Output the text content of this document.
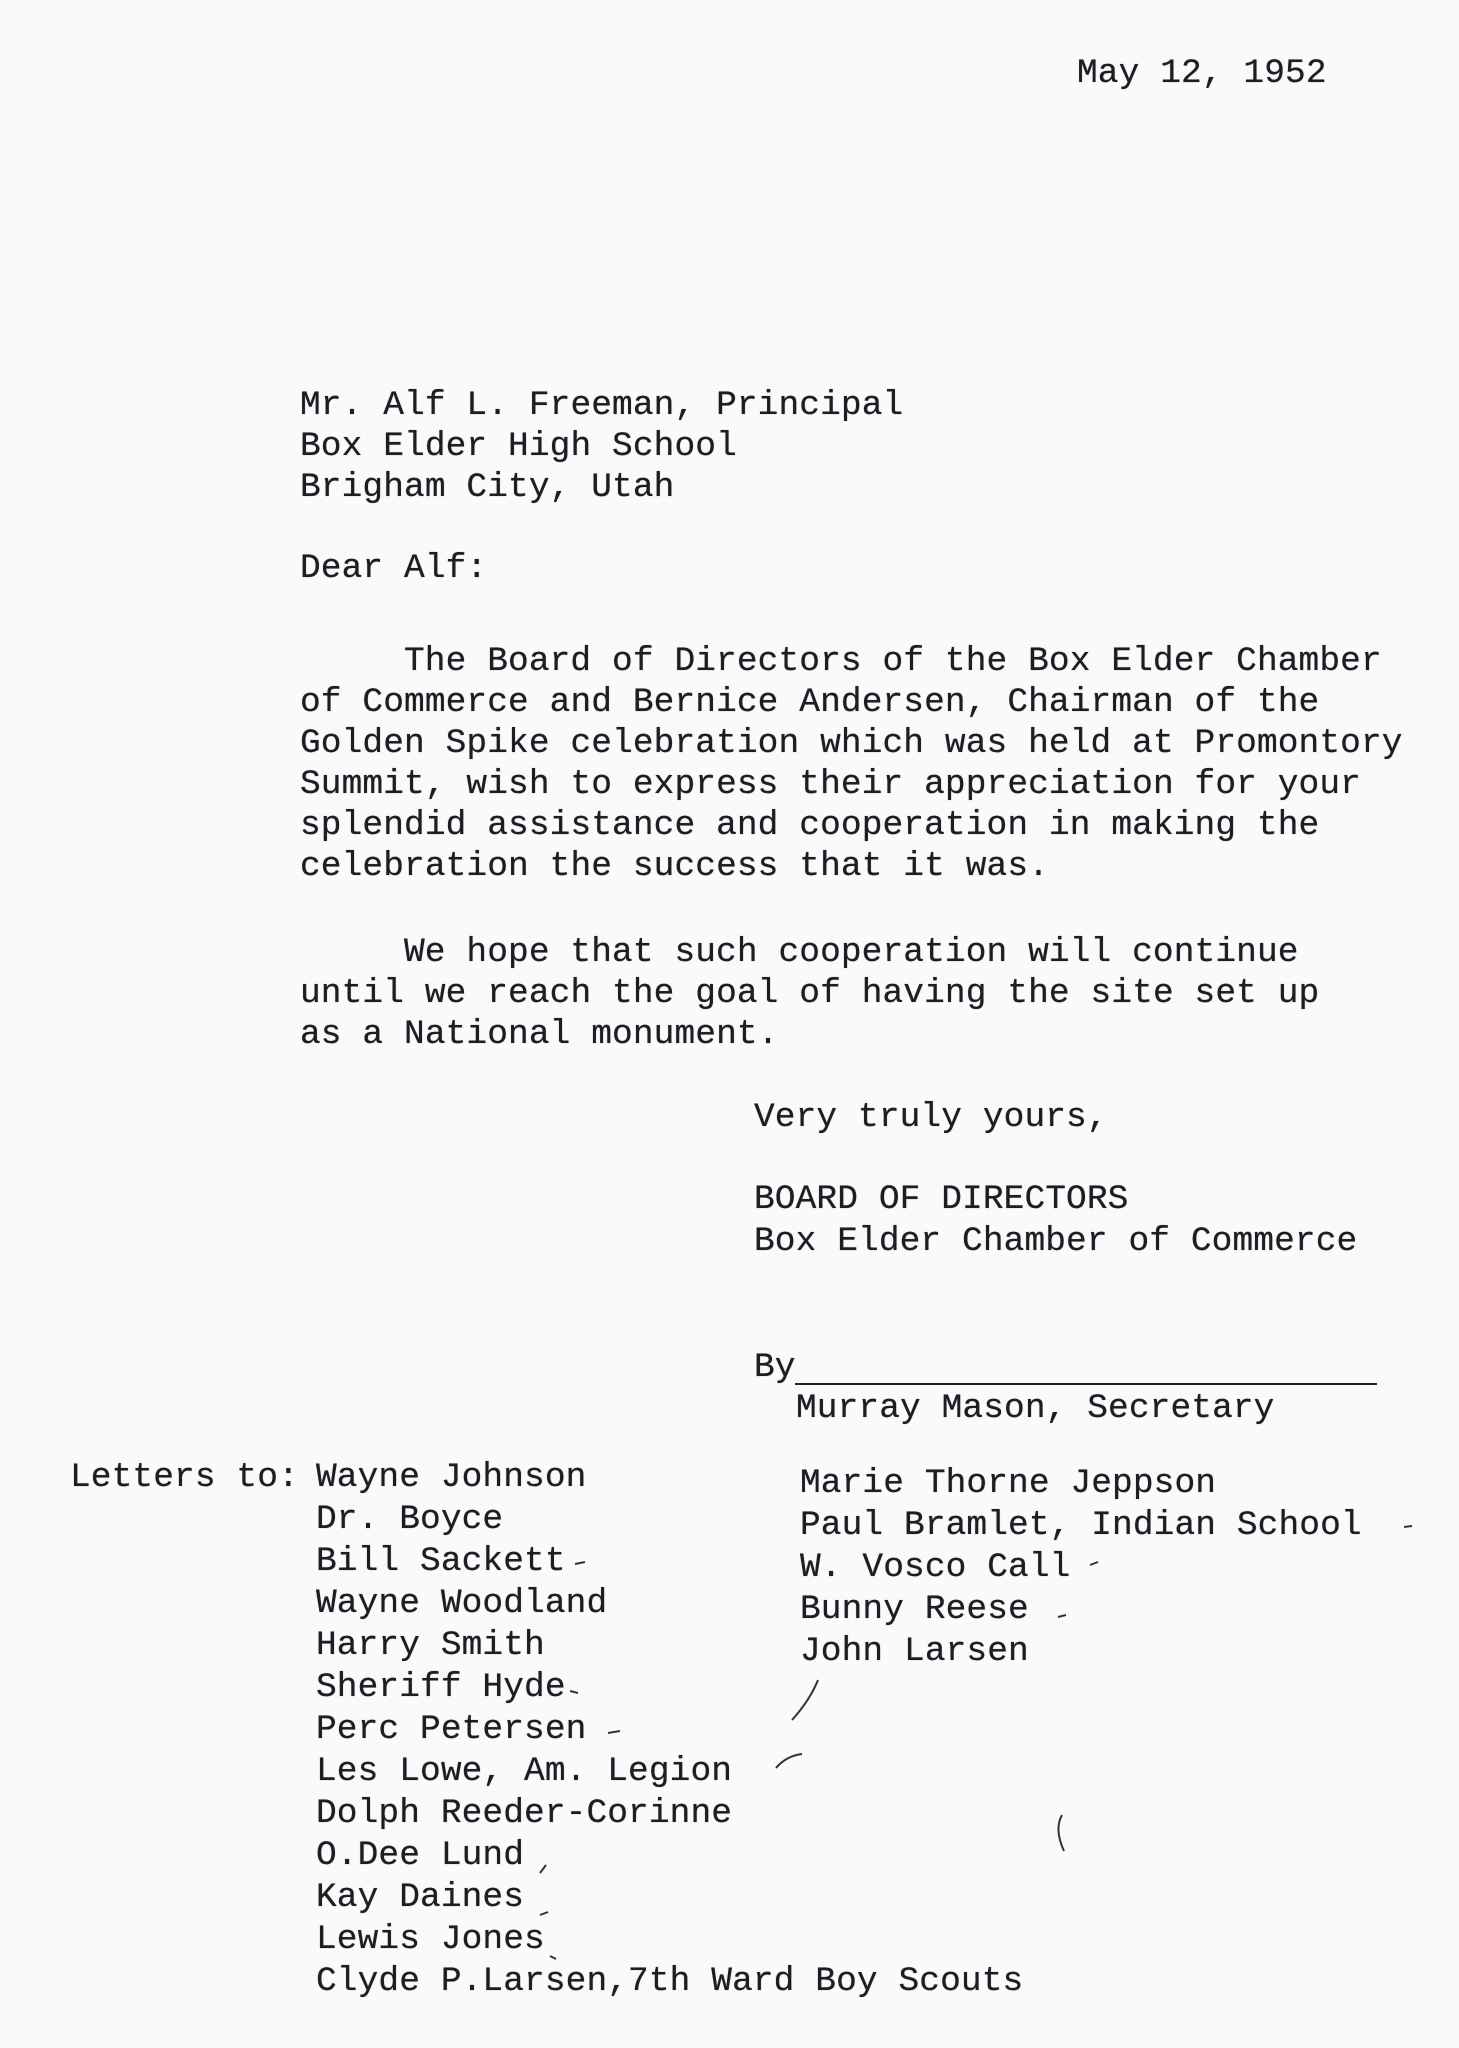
May 12, 1952
Mr. Alf L. Freeman, Principal
Box Elder High School
Brigham City, Utah
Dear Alf:
The Board of Directors of the Box Elder Chamber
of Commerce and Bernice Andersen, Chairman of the
Golden Spike celebration which was held at Promontory
Summit, wish to express their appreciation for your
splendid assistance and cooperation in making the
celebration the success that it was.
We hope that such cooperation will continue
until we reach the goal of having the site set up
as a National monument.
Very truly yours,
BOARD OF DIRECTORS
Box Elder Chamber of Commerce
By
Murray Mason, Secretary
Letters to: Wayne Johnson
Dr. Boyce
Bill Sackett
Wayne Woodland
Harry Smith
Sheriff Hyde
Perc Petersen
Les Lowe, Am. Legion
Dolph Reeder-Corinne
O.Dee Lund
Kay Daines
Lewis Jones
Clyde P.Larsen,7th Ward Boy Scouts
Marie Thorne Jeppson
Paul Bramlet, Indian School
W. Vosco Call
Bunny Reese
John Larsen
